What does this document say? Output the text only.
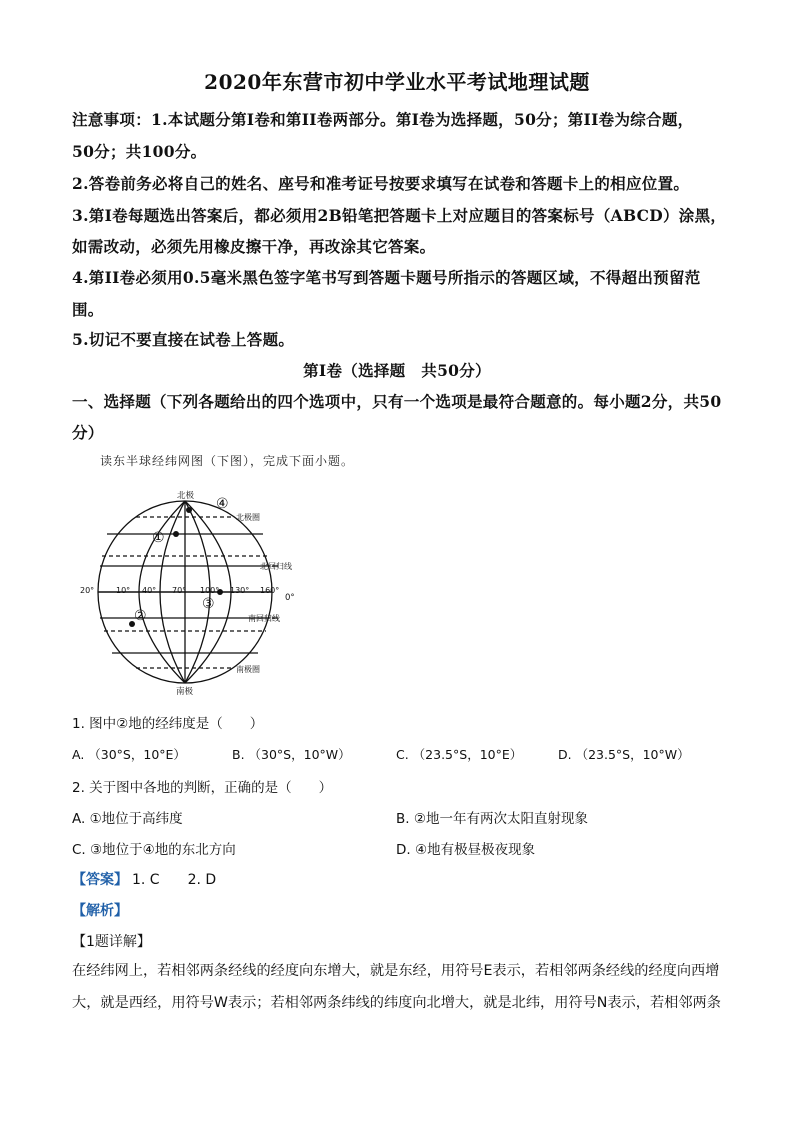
2020年东营市初中学业水平考试地理试题
注意事项：1.本试题分第Ⅰ卷和第II卷两部分。第Ⅰ卷为选择题，50分；第II卷为综合题，
50分；共100分。
2.答卷前务必将自己的姓名、座号和准考证号按要求填写在试卷和答题卡上的相应位置。
3.第Ⅰ卷每题选出答案后，都必须用2B铅笔把答题卡上对应题目的答案标号（ABCD）涂黑，
如需改动，必须先用橡皮擦干净，再改涂其它答案。
4.第II卷必须用0.5毫米黑色签字笔书写到答题卡题号所指示的答题区域，不得超出预留范
围。
5.切记不要直接在试卷上答题。
第Ⅰ卷（选择题　共50分）
一、选择题（下列各题给出的四个选项中，只有一个选项是最符合题意的。每小题2分，共50
分）
读东半球经纬网图（下图），完成下面小题。
北极
南极
北极圈
南极圈
北回归线
南回归线
0°
20°	10° 40° 70° 100° 130° 160°
①
②
③
④
1. 图中②地的经纬度是（　　）
A. （30°S，10°E）	B. （30°S，10°W）	C. （23.5°S，10°E）	D. （23.5°S，10°W）
2. 关于图中各地的判断，正确的是（　　）
A. ①地位于高纬度	B. ②地一年有两次太阳直射现象
C. ③地位于④地的东北方向	D. ④地有极昼极夜现象
【答案】 1. C　　2. D
【解析】
【1题详解】
在经纬网上，若相邻两条经线的经度向东增大，就是东经，用符号E表示，若相邻两条经线的经度向西增
大，就是西经，用符号W表示；若相邻两条纬线的纬度向北增大，就是北纬，用符号N表示，若相邻两条
